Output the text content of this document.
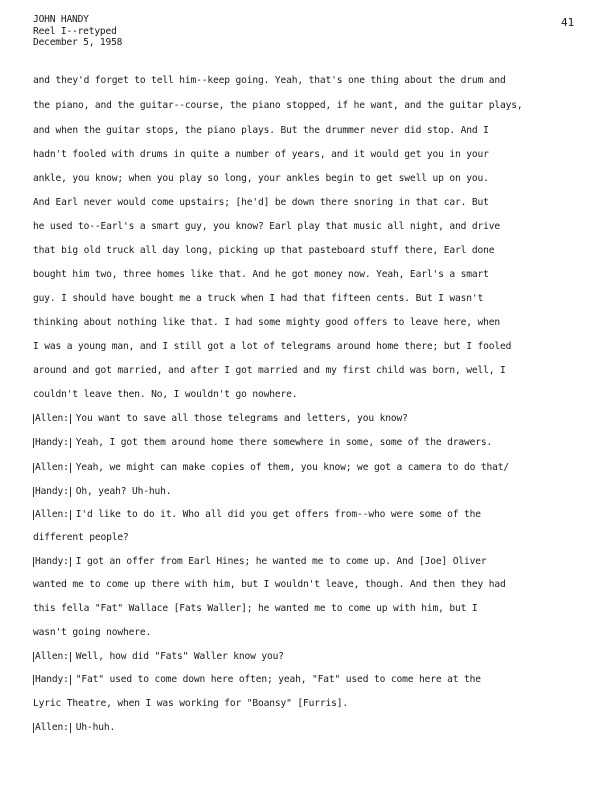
JOHN HANDY
Reel I--retyped
December 5, 1958
41
and they'd forget to tell him--keep going. Yeah, that's one thing about the drum and
the piano, and the guitar--course, the piano stopped, if he want, and the guitar plays,
and when the guitar stops, the piano plays. But the drummer never did stop. And I
hadn't fooled with drums in quite a number of years, and it would get you in your
ankle, you know; when you play so long, your ankles begin to get swell up on you.
And Earl never would come upstairs; [he'd] be down there snoring in that car. But
he used to--Earl's a smart guy, you know? Earl play that music all night, and drive
that big old truck all day long, picking up that pasteboard stuff there, Earl done
bought him two, three homes like that. And he got money now. Yeah, Earl's a smart
guy. I should have bought me a truck when I had that fifteen cents. But I wasn't
thinking about nothing like that. I had some mighty good offers to leave here, when
I was a young man, and I still got a lot of telegrams around home there; but I fooled
around and got married, and after I got married and my first child was born, well, I
couldn't leave then. No, I wouldn't go nowhere.
Allen: You want to save all those telegrams and letters, you know?
Handy: Yeah, I got them around home there somewhere in some, some of the drawers.
Allen: Yeah, we might can make copies of them, you know; we got a camera to do that/
Handy: Oh, yeah? Uh-huh.
Allen: I'd like to do it. Who all did you get offers from--who were some of the
different people?
Handy: I got an offer from Earl Hines; he wanted me to come up. And [Joe] Oliver
wanted me to come up there with him, but I wouldn't leave, though. And then they had
this fella "Fat" Wallace [Fats Waller]; he wanted me to come up with him, but I
wasn't going nowhere.
Allen: Well, how did "Fats" Waller know you?
Handy: "Fat" used to come down here often; yeah, "Fat" used to come here at the
Lyric Theatre, when I was working for "Boansy" [Furris].
Allen: Uh-huh.
